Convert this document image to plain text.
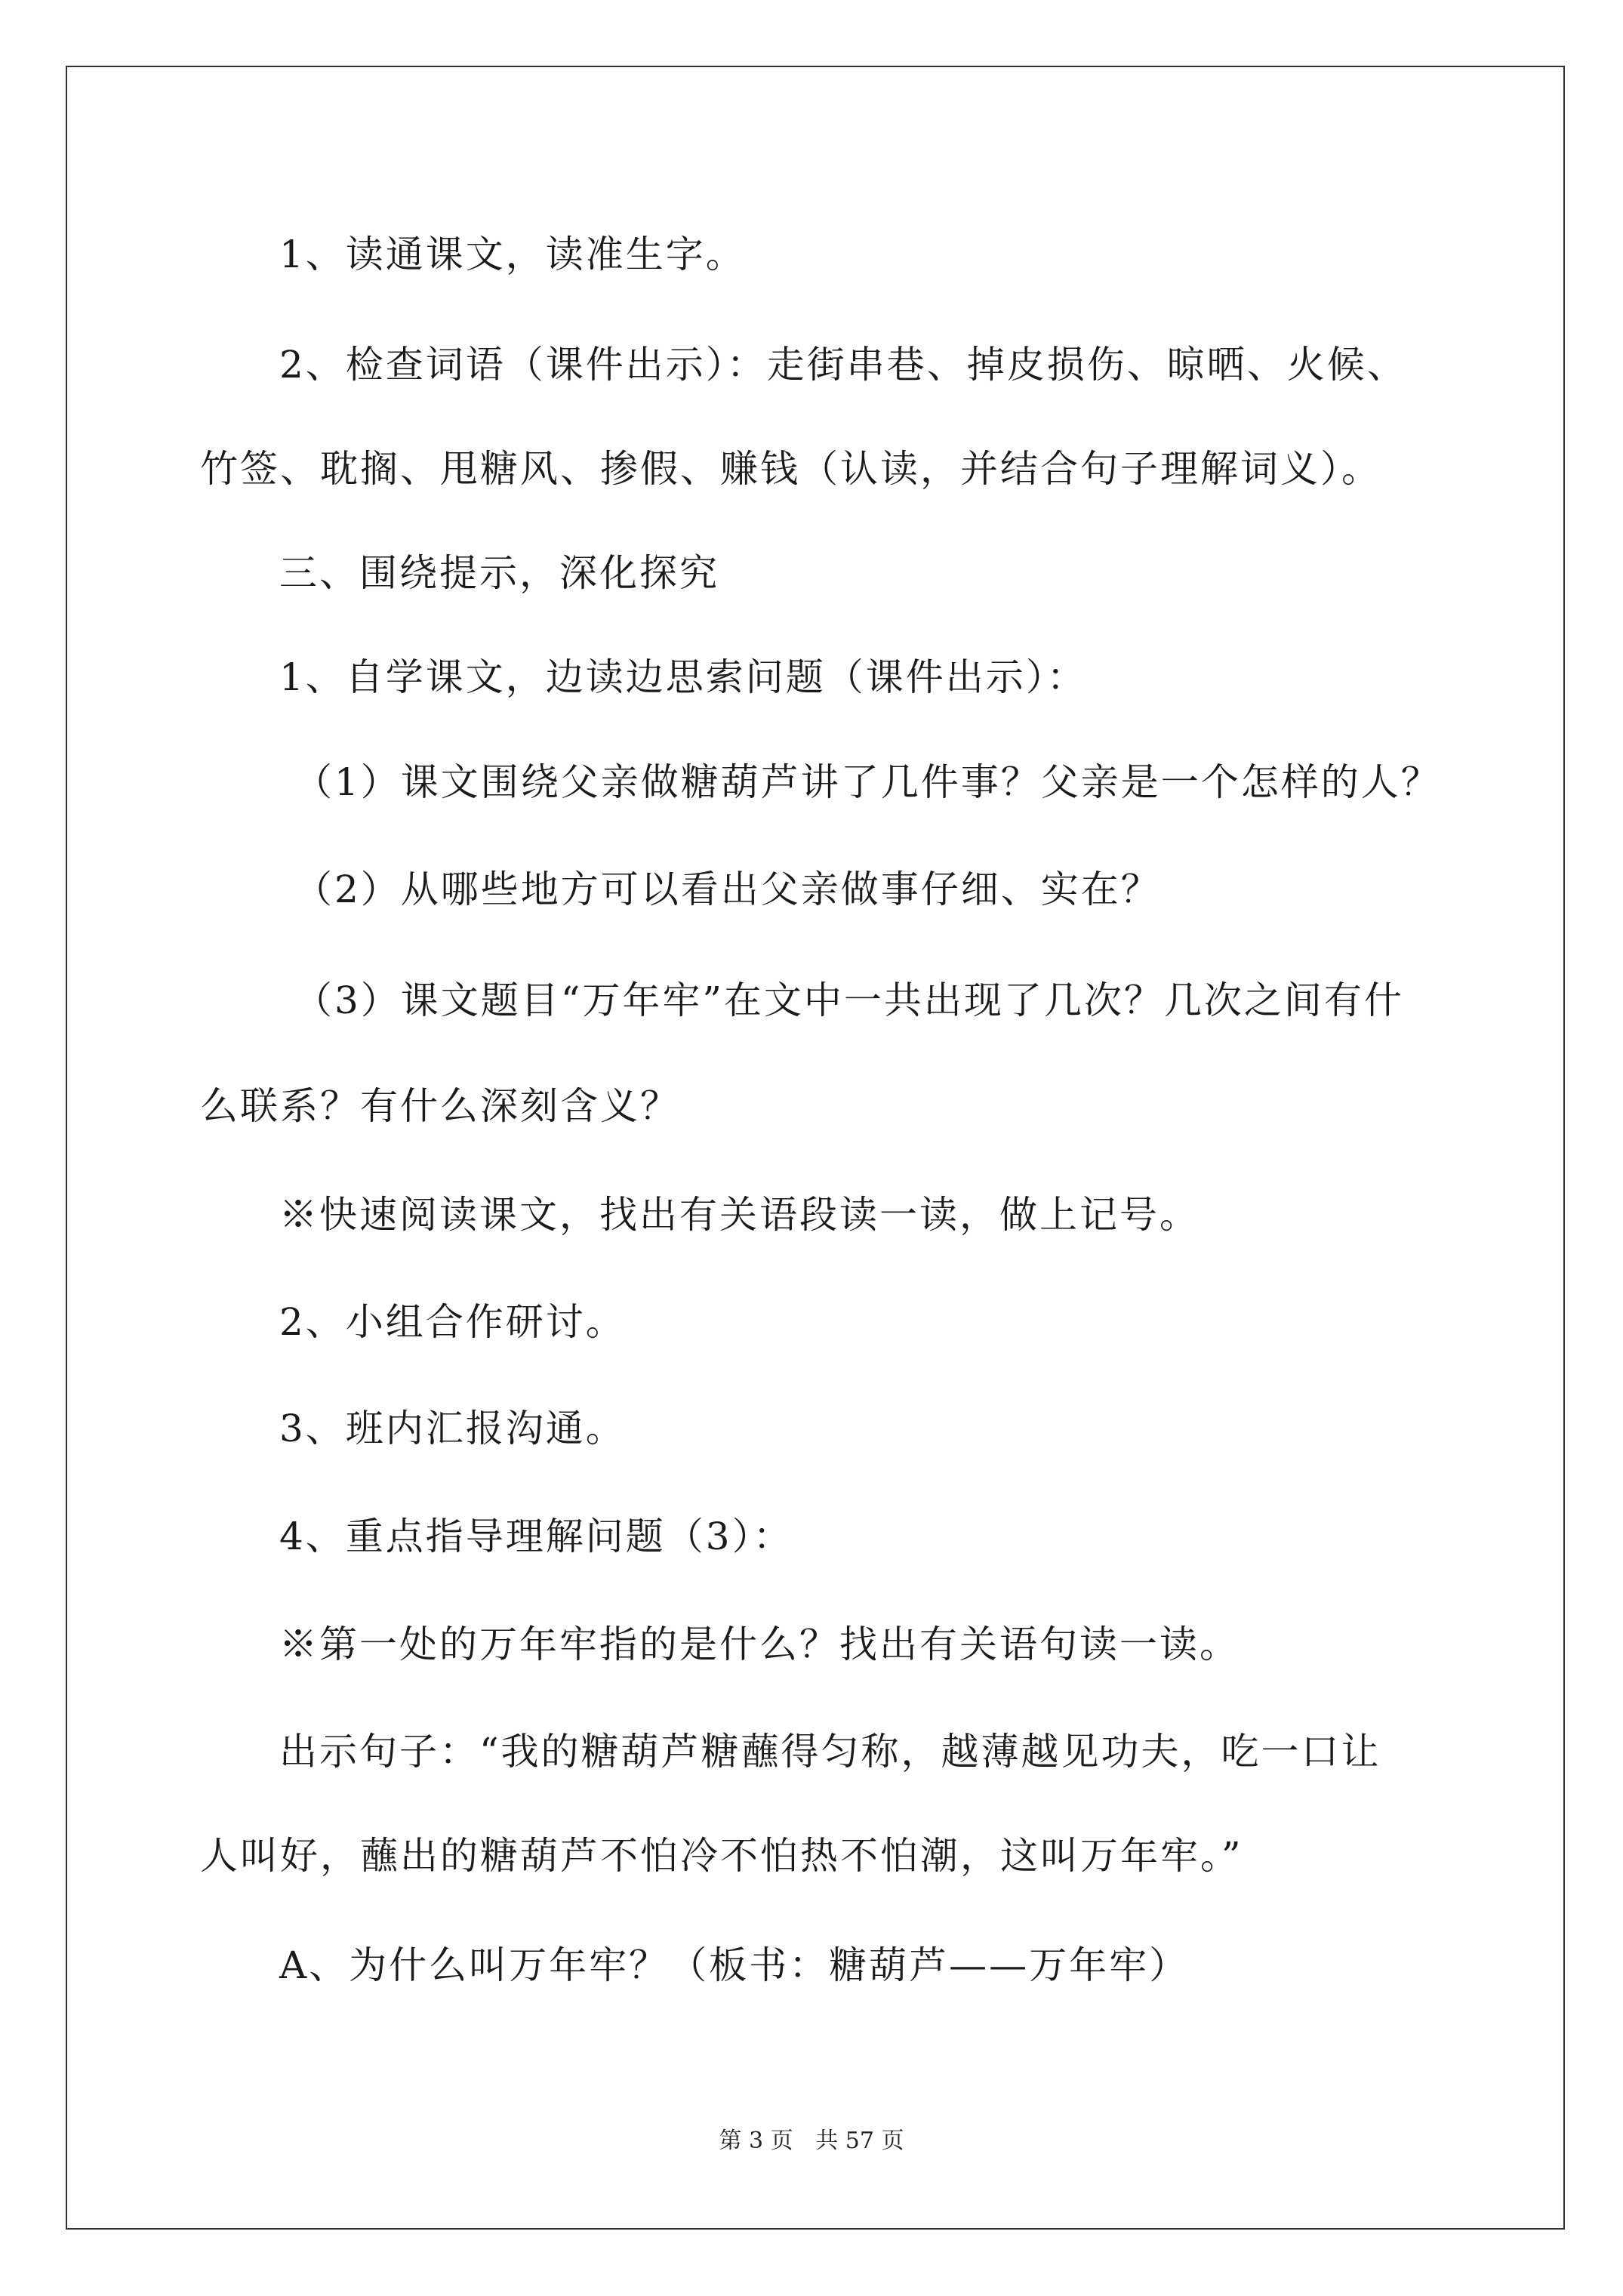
1、读通课文，读准生字。
2、检查词语（课件出示）：走街串巷、掉皮损伤、晾晒、火候、
竹签、耽搁、甩糖风、掺假、赚钱（认读，并结合句子理解词义）。
三、围绕提示，深化探究
1、自学课文，边读边思索问题（课件出示）：
（1）课文围绕父亲做糖葫芦讲了几件事？父亲是一个怎样的人？
（2）从哪些地方可以看出父亲做事仔细、实在？
（3）课文题目“万年牢”在文中一共出现了几次？几次之间有什
么联系？有什么深刻含义？
※快速阅读课文，找出有关语段读一读，做上记号。
2、小组合作研讨。
3、班内汇报沟通。
4、重点指导理解问题（3）：
※第一处的万年牢指的是什么？找出有关语句读一读。
出示句子：“我的糖葫芦糖蘸得匀称，越薄越见功夫，吃一口让
人叫好，蘸出的糖葫芦不怕冷不怕热不怕潮，这叫万年牢。”
A、为什么叫万年牢？（板书：糖葫芦——万年牢）
第 3 页 共 57 页
